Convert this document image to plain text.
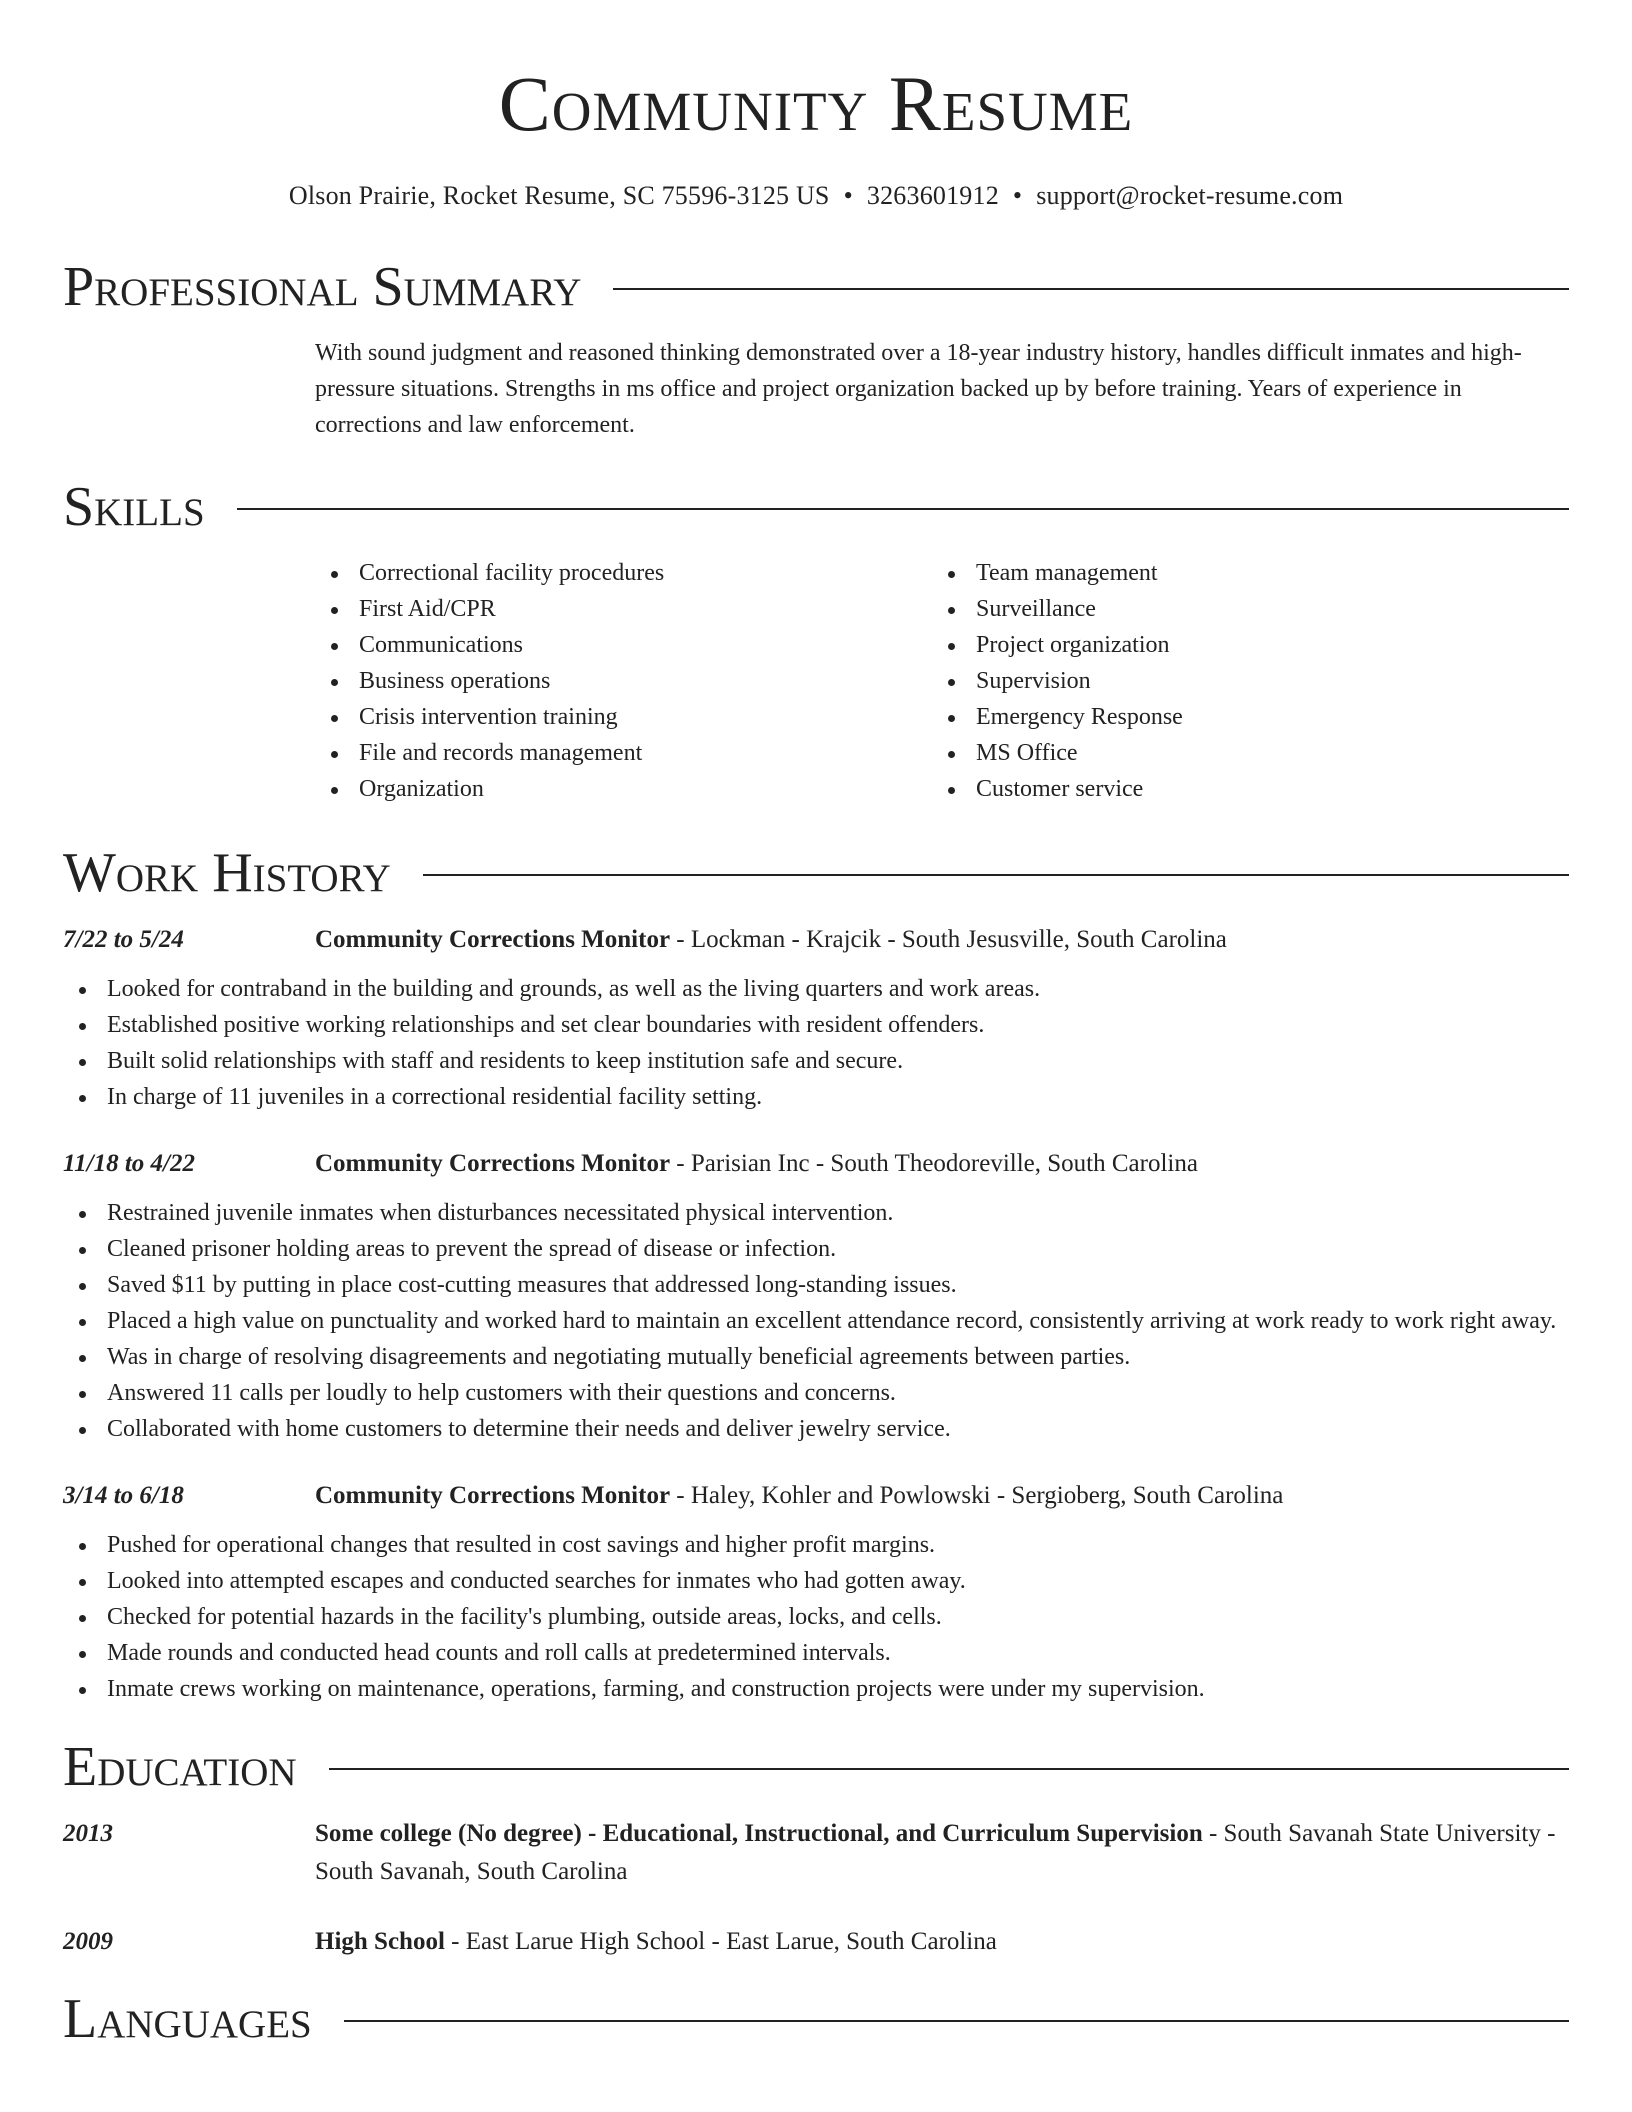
Community Resume
Olson Prairie, Rocket Resume, SC 75596-3125 US • 3263601912 • support@rocket-resume.com
Professional Summary
With sound judgment and reasoned thinking demonstrated over a 18-year industry history, handles difficult inmates and high-pressure situations. Strengths in ms office and project organization backed up by before training. Years of experience in corrections and law enforcement.
Skills
Correctional facility procedures
First Aid/CPR
Communications
Business operations
Crisis intervention training
File and records management
Organization
Team management
Surveillance
Project organization
Supervision
Emergency Response
MS Office
Customer service
Work History
7/22 to 5/24	Community Corrections Monitor - Lockman - Krajcik - South Jesusville, South Carolina
Looked for contraband in the building and grounds, as well as the living quarters and work areas.
Established positive working relationships and set clear boundaries with resident offenders.
Built solid relationships with staff and residents to keep institution safe and secure.
In charge of 11 juveniles in a correctional residential facility setting.
11/18 to 4/22	Community Corrections Monitor - Parisian Inc - South Theodoreville, South Carolina
Restrained juvenile inmates when disturbances necessitated physical intervention.
Cleaned prisoner holding areas to prevent the spread of disease or infection.
Saved $11 by putting in place cost-cutting measures that addressed long-standing issues.
Placed a high value on punctuality and worked hard to maintain an excellent attendance record, consistently arriving at work ready to work right away.
Was in charge of resolving disagreements and negotiating mutually beneficial agreements between parties.
Answered 11 calls per loudly to help customers with their questions and concerns.
Collaborated with home customers to determine their needs and deliver jewelry service.
3/14 to 6/18	Community Corrections Monitor - Haley, Kohler and Powlowski - Sergioberg, South Carolina
Pushed for operational changes that resulted in cost savings and higher profit margins.
Looked into attempted escapes and conducted searches for inmates who had gotten away.
Checked for potential hazards in the facility's plumbing, outside areas, locks, and cells.
Made rounds and conducted head counts and roll calls at predetermined intervals.
Inmate crews working on maintenance, operations, farming, and construction projects were under my supervision.
Education
2013	Some college (No degree) - Educational, Instructional, and Curriculum Supervision - South Savanah State University - South Savanah, South Carolina
2009	High School - East Larue High School - East Larue, South Carolina
Languages
